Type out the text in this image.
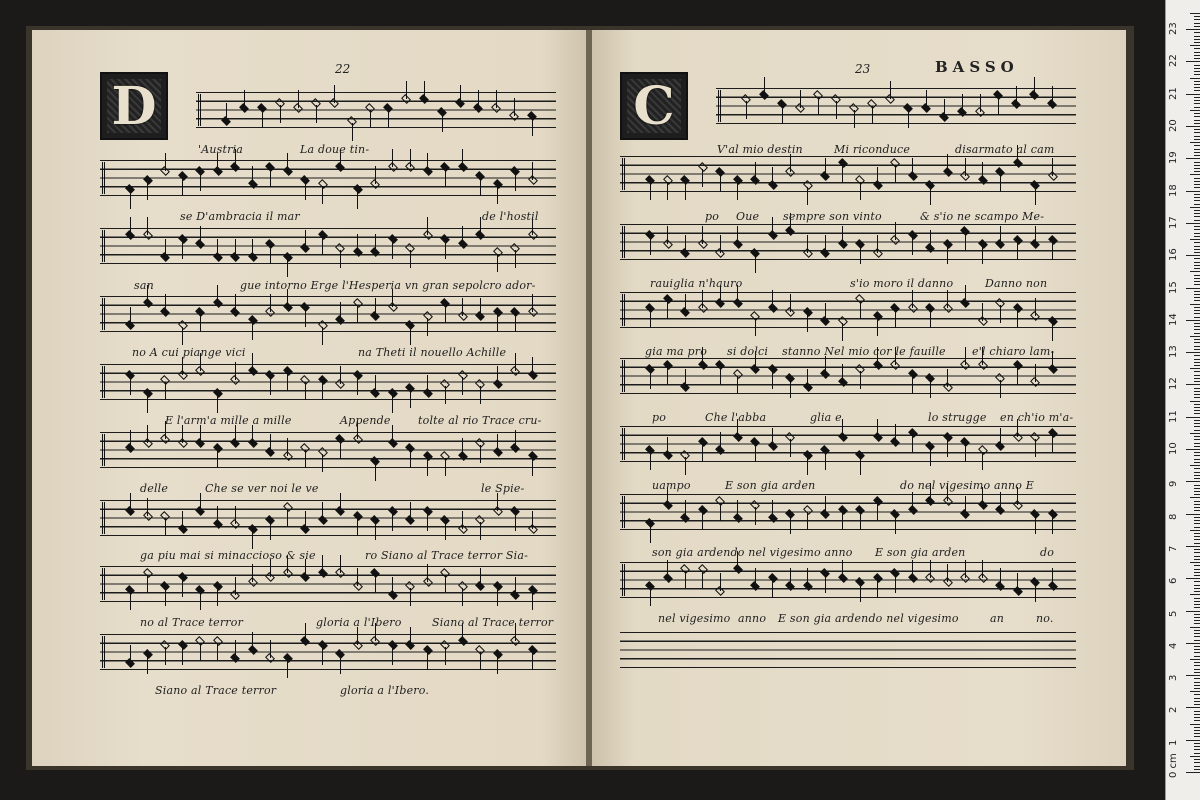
D
22
C
23	BASSO
'Austria	La doue tin-
se D'ambracia il mar	de l'hostil
san	gue intorno Erge l'Hesperia vn gran sepolcro ador-
no A cui piange vici	na Theti il nouello Achille
E l'arm'a mille a mille	Appende tolte al rio Trace cru-
delle	Che se ver noi le ve	le Spie-
ga piu mai si minaccioso & sie	ro Siano al Trace terror Sia-
no al Trace terror	gloria a l'Ibero	Siano al Trace terror
Siano al Trace terror	gloria a l'Ibero.
V'al mio destin	Mi riconduce	disarmato al cam
po Oue sempre son vinto	& s'io ne scampo Me-
rauiglia n'hauro	s'io moro il danno	Danno non
gia ma pro si dolci stanno Nel mio cor le fauille e'l chiaro lam-
po	Che l'abba	glia e	lo strugge en ch'io m'a-
uampo	E son gia arden	do nel vigesimo anno E
son gia ardendo nel vigesimo anno E son gia arden	do
nel vigesimo anno E son gia ardendo nel vigesimo	an	no.
0 cm
1
2
3
4
5
6
7
8
9
10
11
12
13
14
15
16
17
18
19
20
21
22
23
